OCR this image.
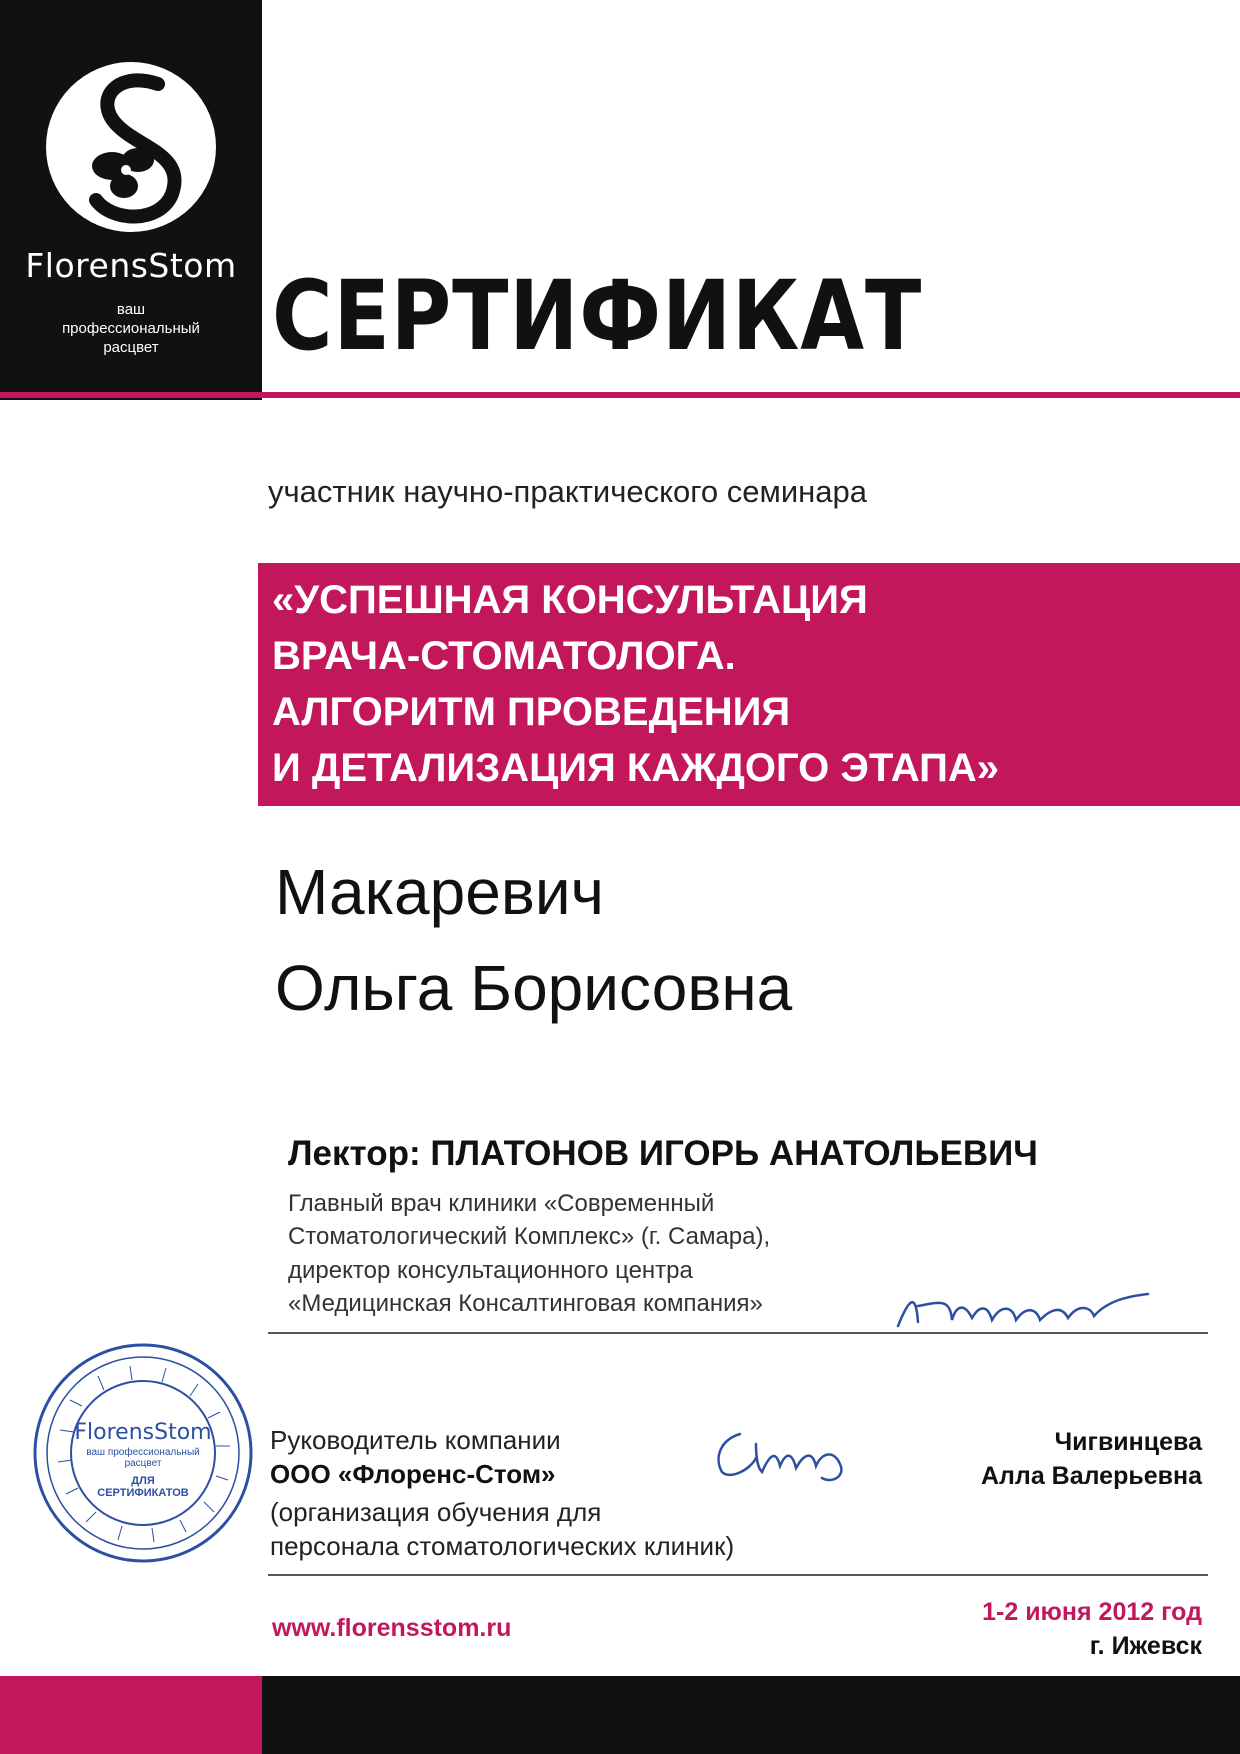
FlorensStom
ваш
профессиональный
расцвет	СЕРТИФИКАТ
участник научно-практического семинара
«УСПЕШНАЯ КОНСУЛЬТАЦИЯ
ВРАЧА-СТОМАТОЛОГА.
АЛГОРИТМ ПРОВЕДЕНИЯ
И ДЕТАЛИЗАЦИЯ КАЖДОГО ЭТАПА»
Макаревич
Ольга Борисовна
Лектор: ПЛАТОНОВ ИГОРЬ АНАТОЛЬЕВИЧ
Главный врач клиники «Современный
Стоматологический Комплекс» (г. Самара),
директор консультационного центра
«Медицинская Консалтинговая компания»
FlorensStom
ваш профессиональный расцвет
ДЛЯ
СЕРТИФИКАТОВ
Руководитель компании
ООО «Флоренс-Стом»
(организация обучения для
персонала стоматологических клиник)
Чигвинцева
Алла Валерьевна
1-2 июня 2012 год
г. Ижевск
www.florensstom.ru
